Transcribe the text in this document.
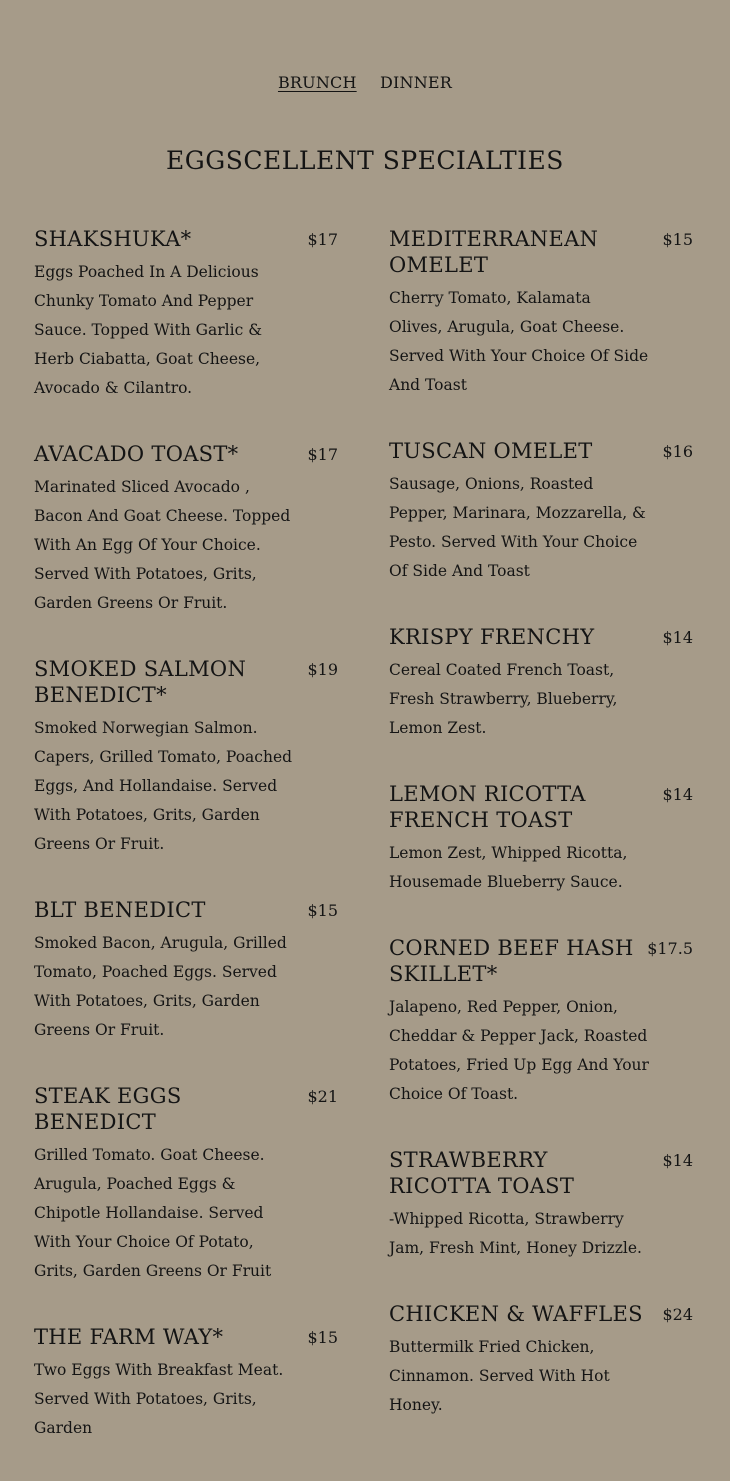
BRUNCH DINNER
EGGSCELLENT SPECIALTIES
SHAKSHUKA*	$17

Eggs Poached In A Delicious Chunky Tomato And Pepper Sauce. Topped With Garlic & Herb Ciabatta, Goat Cheese, Avocado & Cilantro.

AVACADO TOAST*	$17

Marinated Sliced Avocado , Bacon And Goat Cheese. Topped With An Egg Of Your Choice. Served With Potatoes, Grits, Garden Greens Or Fruit.

SMOKED SALMON BENEDICT*
$19

Smoked Norwegian Salmon. Capers, Grilled Tomato, Poached Eggs, And Hollandaise. Served With Potatoes, Grits, Garden Greens Or Fruit.

BLT BENEDICT	$15

Smoked Bacon, Arugula, Grilled Tomato, Poached Eggs. Served With Potatoes, Grits, Garden Greens Or Fruit.

STEAK EGGS BENEDICT
$21

Grilled Tomato. Goat Cheese. Arugula, Poached Eggs & Chipotle Hollandaise. Served With Your Choice Of Potato, Grits, Garden Greens Or Fruit

THE FARM WAY*	$15

Two Eggs With Breakfast Meat. Served With Potatoes, Grits, Garden

MEDITERRANEAN OMELET
$15

Cherry Tomato, Kalamata Olives, Arugula, Goat Cheese. Served With Your Choice Of Side And Toast

TUSCAN OMELET	$16

Sausage, Onions, Roasted Pepper, Marinara, Mozzarella, & Pesto. Served With Your Choice Of Side And Toast

KRISPY FRENCHY	$14

Cereal Coated French Toast, Fresh Strawberry, Blueberry, Lemon Zest.

LEMON RICOTTA FRENCH TOAST
$14

Lemon Zest, Whipped Ricotta, Housemade Blueberry Sauce.

CORNED BEEF HASH SKILLET*
$17.5

Jalapeno, Red Pepper, Onion, Cheddar & Pepper Jack, Roasted Potatoes, Fried Up Egg And Your Choice Of Toast.

STRAWBERRY RICOTTA TOAST
$14

-Whipped Ricotta, Strawberry Jam, Fresh Mint, Honey Drizzle.

CHICKEN & WAFFLES $24

Buttermilk Fried Chicken, Cinnamon. Served With Hot Honey.
